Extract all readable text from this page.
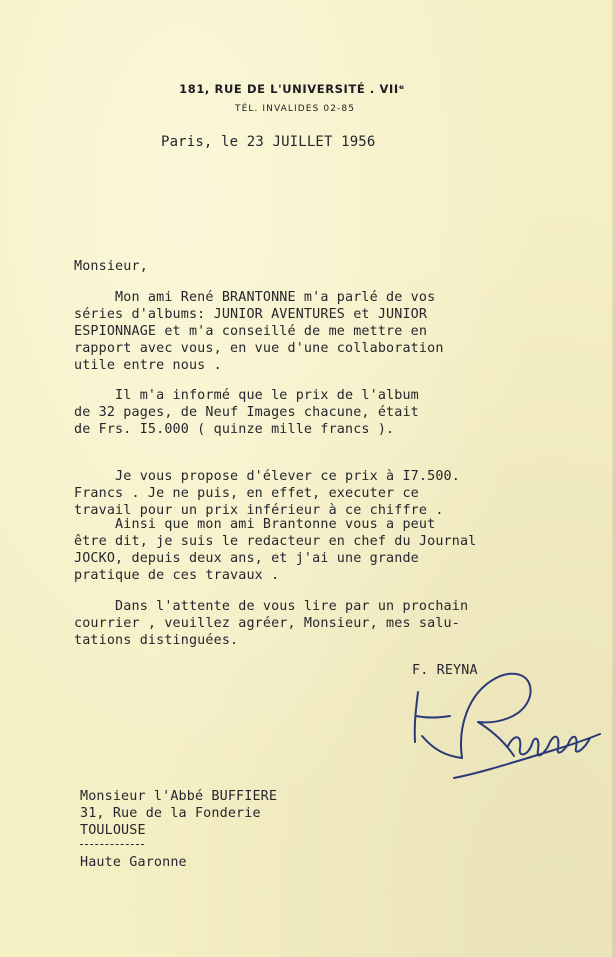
181, RUE DE L'UNIVERSITÉ . VIIᵉ
TÉL. INVALIDES 02-85
Paris, le 23 JUILLET 1956
Monsieur,

Mon ami René BRANTONNE m'a parlé de vos

séries d'albums: JUNIOR AVENTURES et JUNIOR

ESPIONNAGE et m'a conseillé de me mettre en

rapport avec vous, en vue d'une collaboration

utile entre nous .

Il m'a informé que le prix de l'album

de 32 pages, de Neuf Images chacune, était

de Frs. I5.000 ( quinze mille francs ).

Je vous propose d'élever ce prix à I7.500.

Francs . Je ne puis, en effet, executer ce

travail pour un prix inférieur à ce chiffre .

Ainsi que mon ami Brantonne vous a peut

être dit, je suis le redacteur en chef du Journal

JOCKO, depuis deux ans, et j'ai une grande

pratique de ces travaux .

Dans l'attente de vous lire par un prochain

courrier , veuillez agréer, Monsieur, mes salu-

tations distinguées.

F. REYNA
Monsieur l'Abbé BUFFIERE
31, Rue de la Fonderie
TOULOUSE
Haute Garonne
